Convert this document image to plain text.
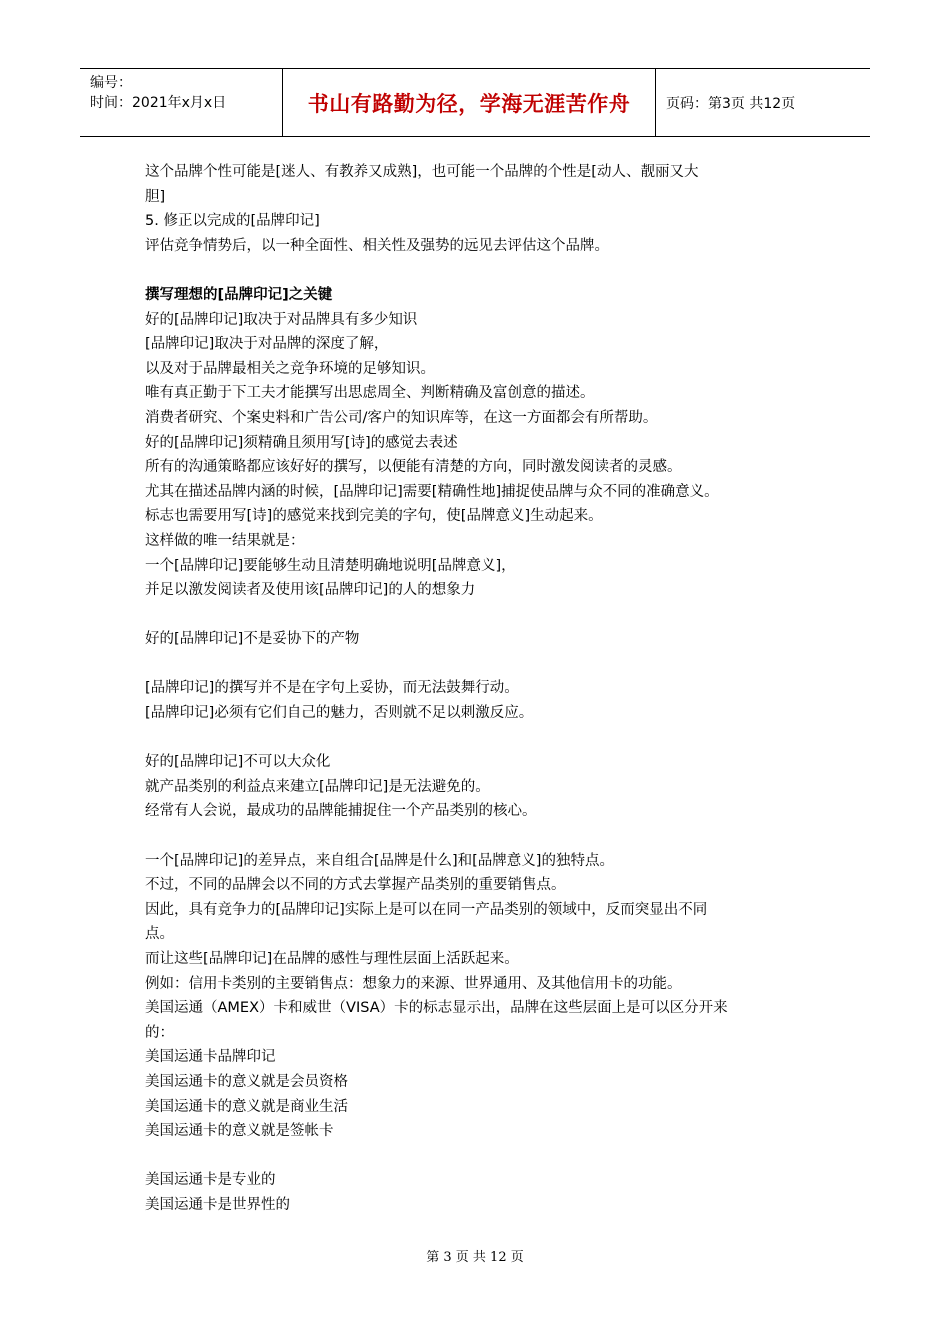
编号：
时间：2021年x月x日	书山有路勤为径，学海无涯苦作舟	页码：第3页 共12页

这个品牌个性可能是[迷人、有教养又成熟]，也可能一个品牌的个性是[动人、靓丽又大

胆]

5. 修正以完成的[品牌印记]

评估竞争情势后，以一种全面性、相关性及强势的远见去评估这个品牌。

撰写理想的[品牌印记]之关键

好的[品牌印记]取决于对品牌具有多少知识

[品牌印记]取决于对品牌的深度了解，

以及对于品牌最相关之竞争环境的足够知识。

唯有真正勤于下工夫才能撰写出思虑周全、判断精确及富创意的描述。

消费者研究、个案史料和广告公司/客户的知识库等，在这一方面都会有所帮助。

好的[品牌印记]须精确且须用写[诗]的感觉去表述

所有的沟通策略都应该好好的撰写，以便能有清楚的方向，同时激发阅读者的灵感。

尤其在描述品牌内涵的时候，[品牌印记]需要[精确性地]捕捉使品牌与众不同的准确意义。

标志也需要用写[诗]的感觉来找到完美的字句，使[品牌意义]生动起来。

这样做的唯一结果就是：

一个[品牌印记]要能够生动且清楚明确地说明[品牌意义]，

并足以激发阅读者及使用该[品牌印记]的人的想象力

好的[品牌印记]不是妥协下的产物

[品牌印记]的撰写并不是在字句上妥协，而无法鼓舞行动。

[品牌印记]必须有它们自己的魅力，否则就不足以刺激反应。

好的[品牌印记]不可以大众化

就产品类别的利益点来建立[品牌印记]是无法避免的。

经常有人会说，最成功的品牌能捕捉住一个产品类别的核心。

一个[品牌印记]的差异点，来自组合[品牌是什么]和[品牌意义]的独特点。

不过，不同的品牌会以不同的方式去掌握产品类别的重要销售点。

因此，具有竞争力的[品牌印记]实际上是可以在同一产品类别的领域中，反而突显出不同

点。

而让这些[品牌印记]在品牌的感性与理性层面上活跃起来。

例如：信用卡类别的主要销售点：想象力的来源、世界通用、及其他信用卡的功能。

美国运通（AMEX）卡和威世（VISA）卡的标志显示出，品牌在这些层面上是可以区分开来

的：

美国运通卡品牌印记

美国运通卡的意义就是会员资格

美国运通卡的意义就是商业生活

美国运通卡的意义就是签帐卡

美国运通卡是专业的

美国运通卡是世界性的

第 3 页 共 12 页
